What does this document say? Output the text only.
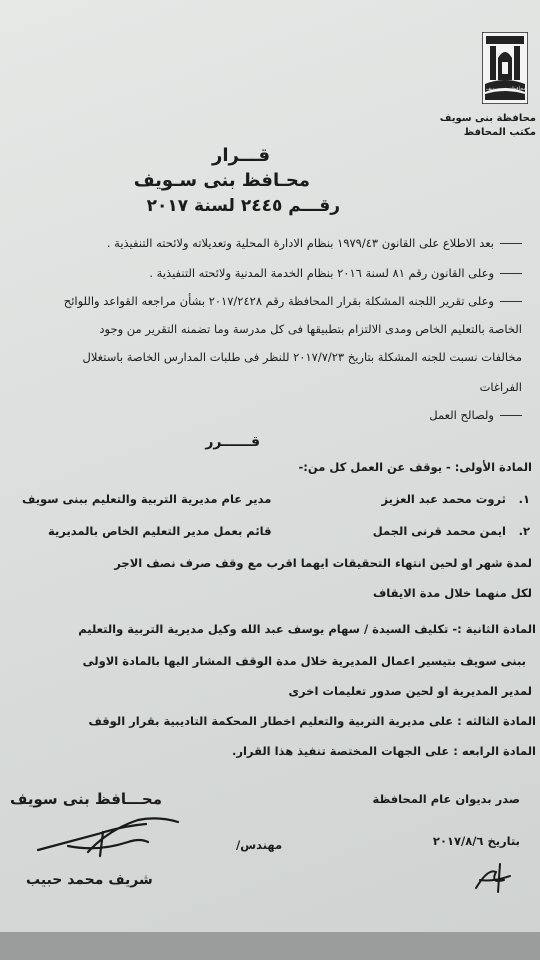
محافظة بنى سويف
محافظة بنى سويف
مكتب المحافظ
قـــرار
محـافظ بنى سـويف
رقـــم ٢٤٤٥ لسنة ٢٠١٧
بعد الاطلاع على القانون ١٩٧٩/٤٣ بنظام الادارة المحلية وتعديلاته ولائحته التنفيذية .
وعلى القانون رقم ٨١ لسنة ٢٠١٦ بنظام الخدمة المدنية ولائحته التنفيذية .
وعلى تقرير اللجنه المشكلة بقرار المحافظة رقم ٢٠١٧/٢٤٢٨ بشأن مراجعه القواعد واللوائح
الخاصة بالتعليم الخاص ومدى الالتزام بتطبيقها فى كل مدرسة وما تضمنه التقرير من وجود
مخالفات نسبت للجنه المشكلة بتاريخ ٢٠١٧/٧/٢٣ للنظر فى طلبات المدارس الخاصة باستغلال
الفراغات
ولصالح العمل
قــــــرر
المادة الأولى: - يوقف عن العمل كل من:-
١.
ثروت محمد عبد العزيز
مدير عام مديرية التربية والتعليم ببنى سويف
٢.
ايمن محمد قرنى الجمل
قائم بعمل مدير التعليم الخاص بالمديرية
لمدة شهر او لحين انتهاء التحقيقات ايهما اقرب مع وقف صرف نصف الاجر
لكل منهما خلال مدة الايقاف
المادة الثانية :- تكليف السيدة / سهام يوسف عبد الله وكيل مديرية التربية والتعليم
ببنى سويف بتيسير اعمال المديرية خلال مدة الوقف المشار اليها بالمادة الاولى
لمدير المديرية او لحين صدور تعليمات اخرى
المادة الثالثه : على مديرية التربية والتعليم اخطار المحكمة التاديبية بقرار الوقف
المادة الرابعه : على الجهات المختصة تنفيذ هذا القرار.
صدر بديوان عام المحافظة
بتاريخ ٢٠١٧/٨/٦
محـــافظ بنى سويف
مهندس/
شريف محمد حبيب
